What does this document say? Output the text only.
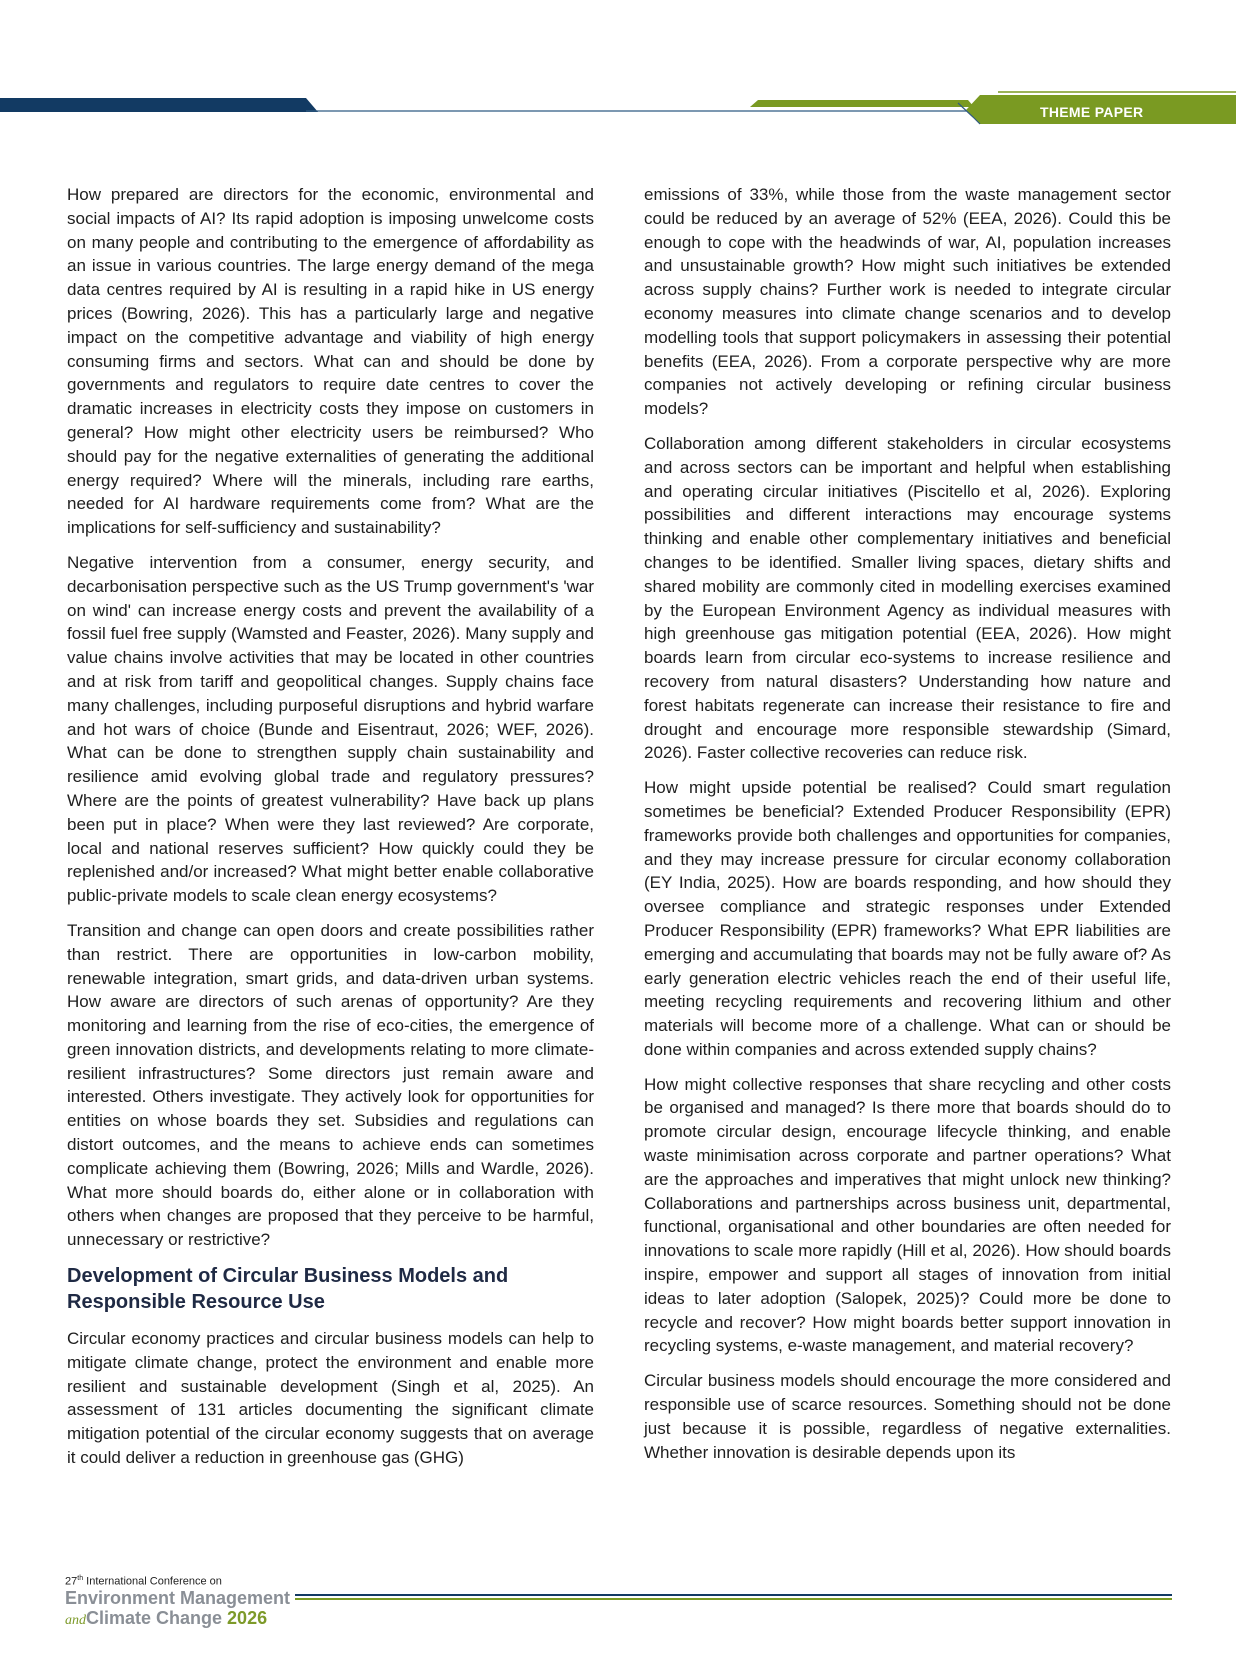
THEME PAPER

How prepared are directors for the economic, environmental and social impacts of AI? Its rapid adoption is imposing unwelcome costs on many people and contributing to the emergence of affordability as an issue in various countries. The large energy demand of the mega data centres required by AI is resulting in a rapid hike in US energy prices (Bowring, 2026). This has a particularly large and negative impact on the competitive advantage and viability of high energy consuming firms and sectors. What can and should be done by governments and regulators to require date centres to cover the dramatic increases in electricity costs they impose on customers in general? How might other electricity users be reimbursed? Who should pay for the negative externalities of generating the additional energy required? Where will the minerals, including rare earths, needed for AI hardware requirements come from? What are the implications for self-sufficiency and sustainability?

Negative intervention from a consumer, energy security, and decarbonisation perspective such as the US Trump government's 'war on wind' can increase energy costs and prevent the availability of a fossil fuel free supply (Wamsted and Feaster, 2026). Many supply and value chains involve activities that may be located in other countries and at risk from tariff and geopolitical changes. Supply chains face many challenges, including purposeful disruptions and hybrid warfare and hot wars of choice (Bunde and Eisentraut, 2026; WEF, 2026). What can be done to strengthen supply chain sustainability and resilience amid evolving global trade and regulatory pressures? Where are the points of greatest vulnerability? Have back up plans been put in place? When were they last reviewed? Are corporate, local and national reserves sufficient? How quickly could they be replenished and/or increased? What might better enable collaborative public-private models to scale clean energy ecosystems?

Transition and change can open doors and create possibilities rather than restrict. There are opportunities in low-carbon mobility, renewable integration, smart grids, and data-driven urban systems. How aware are directors of such arenas of opportunity? Are they monitoring and learning from the rise of eco-cities, the emergence of green innovation districts, and developments relating to more climate-resilient infrastructures? Some directors just remain aware and interested. Others investigate. They actively look for opportunities for entities on whose boards they set. Subsidies and regulations can distort outcomes, and the means to achieve ends can sometimes complicate achieving them (Bowring, 2026; Mills and Wardle, 2026). What more should boards do, either alone or in collaboration with others when changes are proposed that they perceive to be harmful, unnecessary or restrictive?

Development of Circular Business Models and Responsible Resource Use

Circular economy practices and circular business models can help to mitigate climate change, protect the environment and enable more resilient and sustainable development (Singh et al, 2025). An assessment of 131 articles documenting the significant climate mitigation potential of the circular economy suggests that on average it could deliver a reduction in greenhouse gas (GHG)

emissions of 33%, while those from the waste management sector could be reduced by an average of 52% (EEA, 2026). Could this be enough to cope with the headwinds of war, AI, population increases and unsustainable growth? How might such initiatives be extended across supply chains? Further work is needed to integrate circular economy measures into climate change scenarios and to develop modelling tools that support policymakers in assessing their potential benefits (EEA, 2026). From a corporate perspective why are more companies not actively developing or refining circular business models?

Collaboration among different stakeholders in circular ecosystems and across sectors can be important and helpful when establishing and operating circular initiatives (Piscitello et al, 2026). Exploring possibilities and different interactions may encourage systems thinking and enable other complementary initiatives and beneficial changes to be identified. Smaller living spaces, dietary shifts and shared mobility are commonly cited in modelling exercises examined by the European Environment Agency as individual measures with high greenhouse gas mitigation potential (EEA, 2026). How might boards learn from circular eco-systems to increase resilience and recovery from natural disasters? Understanding how nature and forest habitats regenerate can increase their resistance to fire and drought and encourage more responsible stewardship (Simard, 2026). Faster collective recoveries can reduce risk.

How might upside potential be realised? Could smart regulation sometimes be beneficial? Extended Producer Responsibility (EPR) frameworks provide both challenges and opportunities for companies, and they may increase pressure for circular economy collaboration (EY India, 2025). How are boards responding, and how should they oversee compliance and strategic responses under Extended Producer Responsibility (EPR) frameworks? What EPR liabilities are emerging and accumulating that boards may not be fully aware of? As early generation electric vehicles reach the end of their useful life, meeting recycling requirements and recovering lithium and other materials will become more of a challenge. What can or should be done within companies and across extended supply chains?

How might collective responses that share recycling and other costs be organised and managed? Is there more that boards should do to promote circular design, encourage lifecycle thinking, and enable waste minimisation across corporate and partner operations? What are the approaches and imperatives that might unlock new thinking? Collaborations and partnerships across business unit, departmental, functional, organisational and other boundaries are often needed for innovations to scale more rapidly (Hill et al, 2026). How should boards inspire, empower and support all stages of innovation from initial ideas to later adoption (Salopek, 2025)? Could more be done to recycle and recover? How might boards better support innovation in recycling systems, e-waste management, and material recovery?

Circular business models should encourage the more considered and responsible use of scarce resources. Something should not be done just because it is possible, regardless of negative externalities. Whether innovation is desirable depends upon its

27th International Conference on
Environment Management
andClimate Change 2026
